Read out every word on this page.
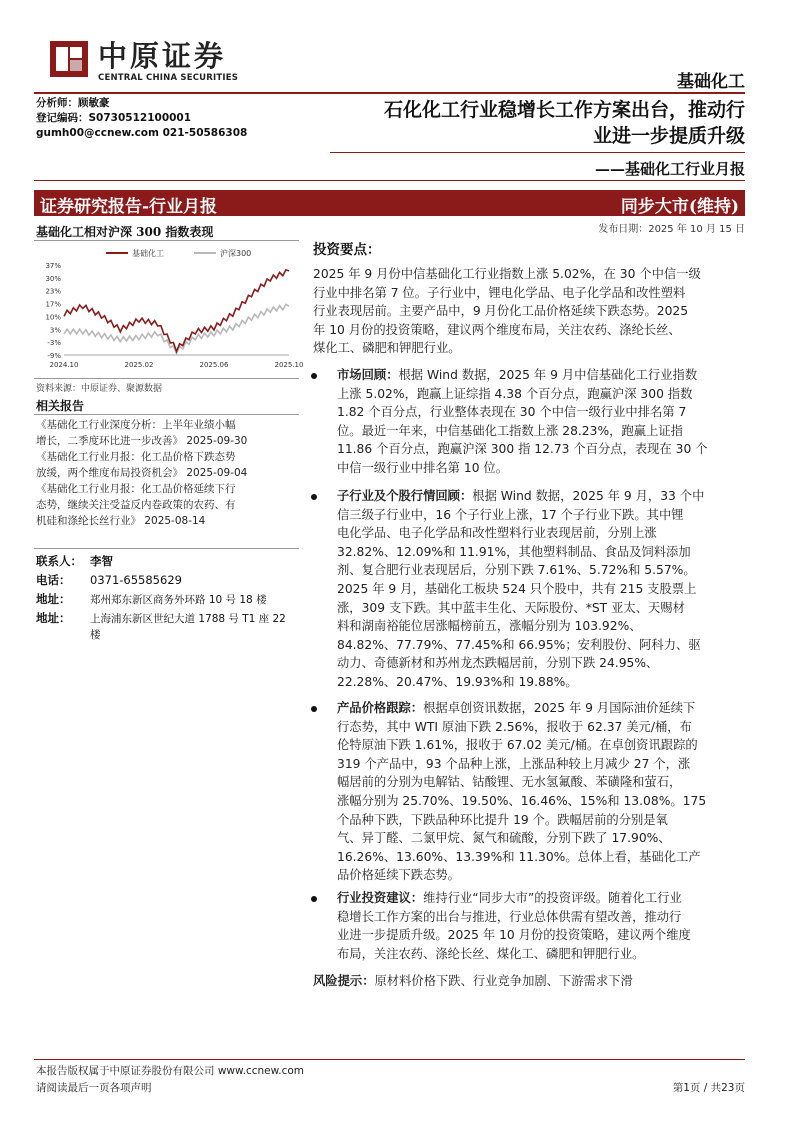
中原证券
CENTRAL CHINA SECURITIES	基础化工
分析师：顾敏豪
登记编码：S0730512100001
gumh00@ccnew.com 021-50586308
石化化工行业稳增长工作方案出台，推动行
业进一步提质升级
——基础化工行业月报
证券研究报告-行业月报	同步大市(维持)
发布日期：2025 年 10 月 15 日
基础化工相对沪深 300 指数表现
37%
30%
23%
17%
10%
3%
-3%
-9%
2024.10	2025.02	2025.06	2025.10
基础化工	沪深300
资料来源：中原证券、聚源数据
相关报告
《基础化工行业深度分析：上半年业绩小幅
增长，二季度环比进一步改善》 2025-09-30
《基础化工行业月报：化工品价格下跌态势
放缓，两个维度布局投资机会》 2025-09-04
《基础化工行业月报：化工品价格延续下行
态势，继续关注受益反内卷政策的农药、有
机硅和涤纶长丝行业》 2025-08-14
联系人： 李智
电话： 0371-65585629
地址： 郑州郑东新区商务外环路 10 号 18 楼
地址： 上海浦东新区世纪大道 1788 号 T1 座 22
楼
投资要点：
2025 年 9 月份中信基础化工行业指数上涨 5.02%，在 30 个中信一级
行业中排名第 7 位。子行业中，锂电化学品、电子化学品和改性塑料
行业表现居前。主要产品中，9 月份化工品价格延续下跌态势。2025
年 10 月份的投资策略，建议两个维度布局，关注农药、涤纶长丝、
煤化工、磷肥和钾肥行业。
市场回顾：根据 Wind 数据，2025 年 9 月中信基础化工行业指数
上涨 5.02%，跑赢上证综指 4.38 个百分点，跑赢沪深 300 指数
1.82 个百分点，行业整体表现在 30 个中信一级行业中排名第 7
位。最近一年来，中信基础化工指数上涨 28.23%，跑赢上证指
11.86 个百分点，跑赢沪深 300 指 12.73 个百分点，表现在 30 个
中信一级行业中排名第 10 位。
子行业及个股行情回顾：根据 Wind 数据，2025 年 9 月，33 个中
信三级子行业中，16 个子行业上涨，17 个子行业下跌。其中锂
电化学品、电子化学品和改性塑料行业表现居前，分别上涨
32.82%、12.09%和 11.91%，其他塑料制品、食品及饲料添加
剂、复合肥行业表现居后，分别下跌 7.61%、5.72%和 5.57%。
2025 年 9 月，基础化工板块 524 只个股中，共有 215 支股票上
涨，309 支下跌。其中蓝丰生化、天际股份、*ST 亚太、天赐材
料和湖南裕能位居涨幅榜前五，涨幅分别为 103.92%、
84.82%、77.79%、77.45%和 66.95%；安利股份、阿科力、驱
动力、奇德新材和苏州龙杰跌幅居前，分别下跌 24.95%、
22.28%、20.47%、19.93%和 19.88%。
产品价格跟踪：根据卓创资讯数据，2025 年 9 月国际油价延续下
行态势，其中 WTI 原油下跌 2.56%，报收于 62.37 美元/桶，布
伦特原油下跌 1.61%，报收于 67.02 美元/桶。在卓创资讯跟踪的
319 个产品中，93 个品种上涨，上涨品种较上月减少 27 个，涨
幅居前的分别为电解钴、钴酸锂、无水氢氟酸、苯磺隆和萤石，
涨幅分别为 25.70%、19.50%、16.46%、15%和 13.08%。175
个品种下跌，下跌品种环比提升 19 个。跌幅居前的分别是氧
气、异丁醛、二氯甲烷、氮气和硫酸，分别下跌了 17.90%、
16.26%、13.60%、13.39%和 11.30%。总体上看，基础化工产
品价格延续下跌态势。
行业投资建议：维持行业“同步大市”的投资评级。随着化工行业
稳增长工作方案的出台与推进，行业总体供需有望改善，推动行
业进一步提质升级。2025 年 10 月份的投资策略，建议两个维度
布局，关注农药、涤纶长丝、煤化工、磷肥和钾肥行业。
风险提示：原材料价格下跌、行业竞争加剧、下游需求下滑
本报告版权属于中原证券股份有限公司 www.ccnew.com
请阅读最后一页各项声明	第1页 / 共23页
